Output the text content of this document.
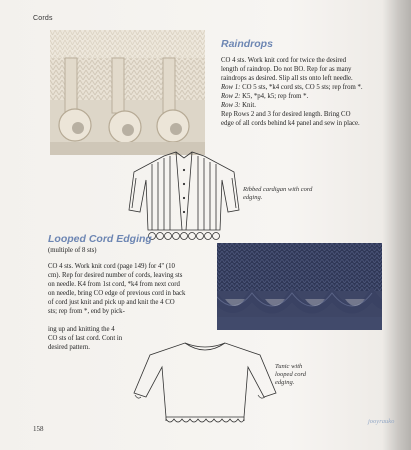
Cords
Raindrops

CO 4 sts. Work knit cord for twice the desired

length of raindrop. Do not BO. Rep for as many

raindrops as desired. Slip all sts onto left needle.

Row 1: CO 5 sts, *k4 cord sts, CO 5 sts; rep from *.

Row 2: K5, *p4, k5; rep from *.

Row 3: Knit.

Rep Rows 2 and 3 for desired length. Bring CO

edge of all cords behind k4 panel and sew in place.

Ribbed cardigan with cord
edging.
Looped Cord Edging
(multiple of 8 sts)

CO 4 sts. Work knit cord (page 149) for 4" (10

cm). Rep for desired number of cords, leaving sts

on needle. K4 from 1st cord, *k4 from next cord

on needle, bring CO edge of previous cord in back

of cord just knit and pick up and knit the 4 CO

sts; rep from *, end by pick-

ing up and knitting the 4

CO sts of last cord. Cont in

desired pattern.

Tunic with
looped cord
edging.
158
jooyrauko
